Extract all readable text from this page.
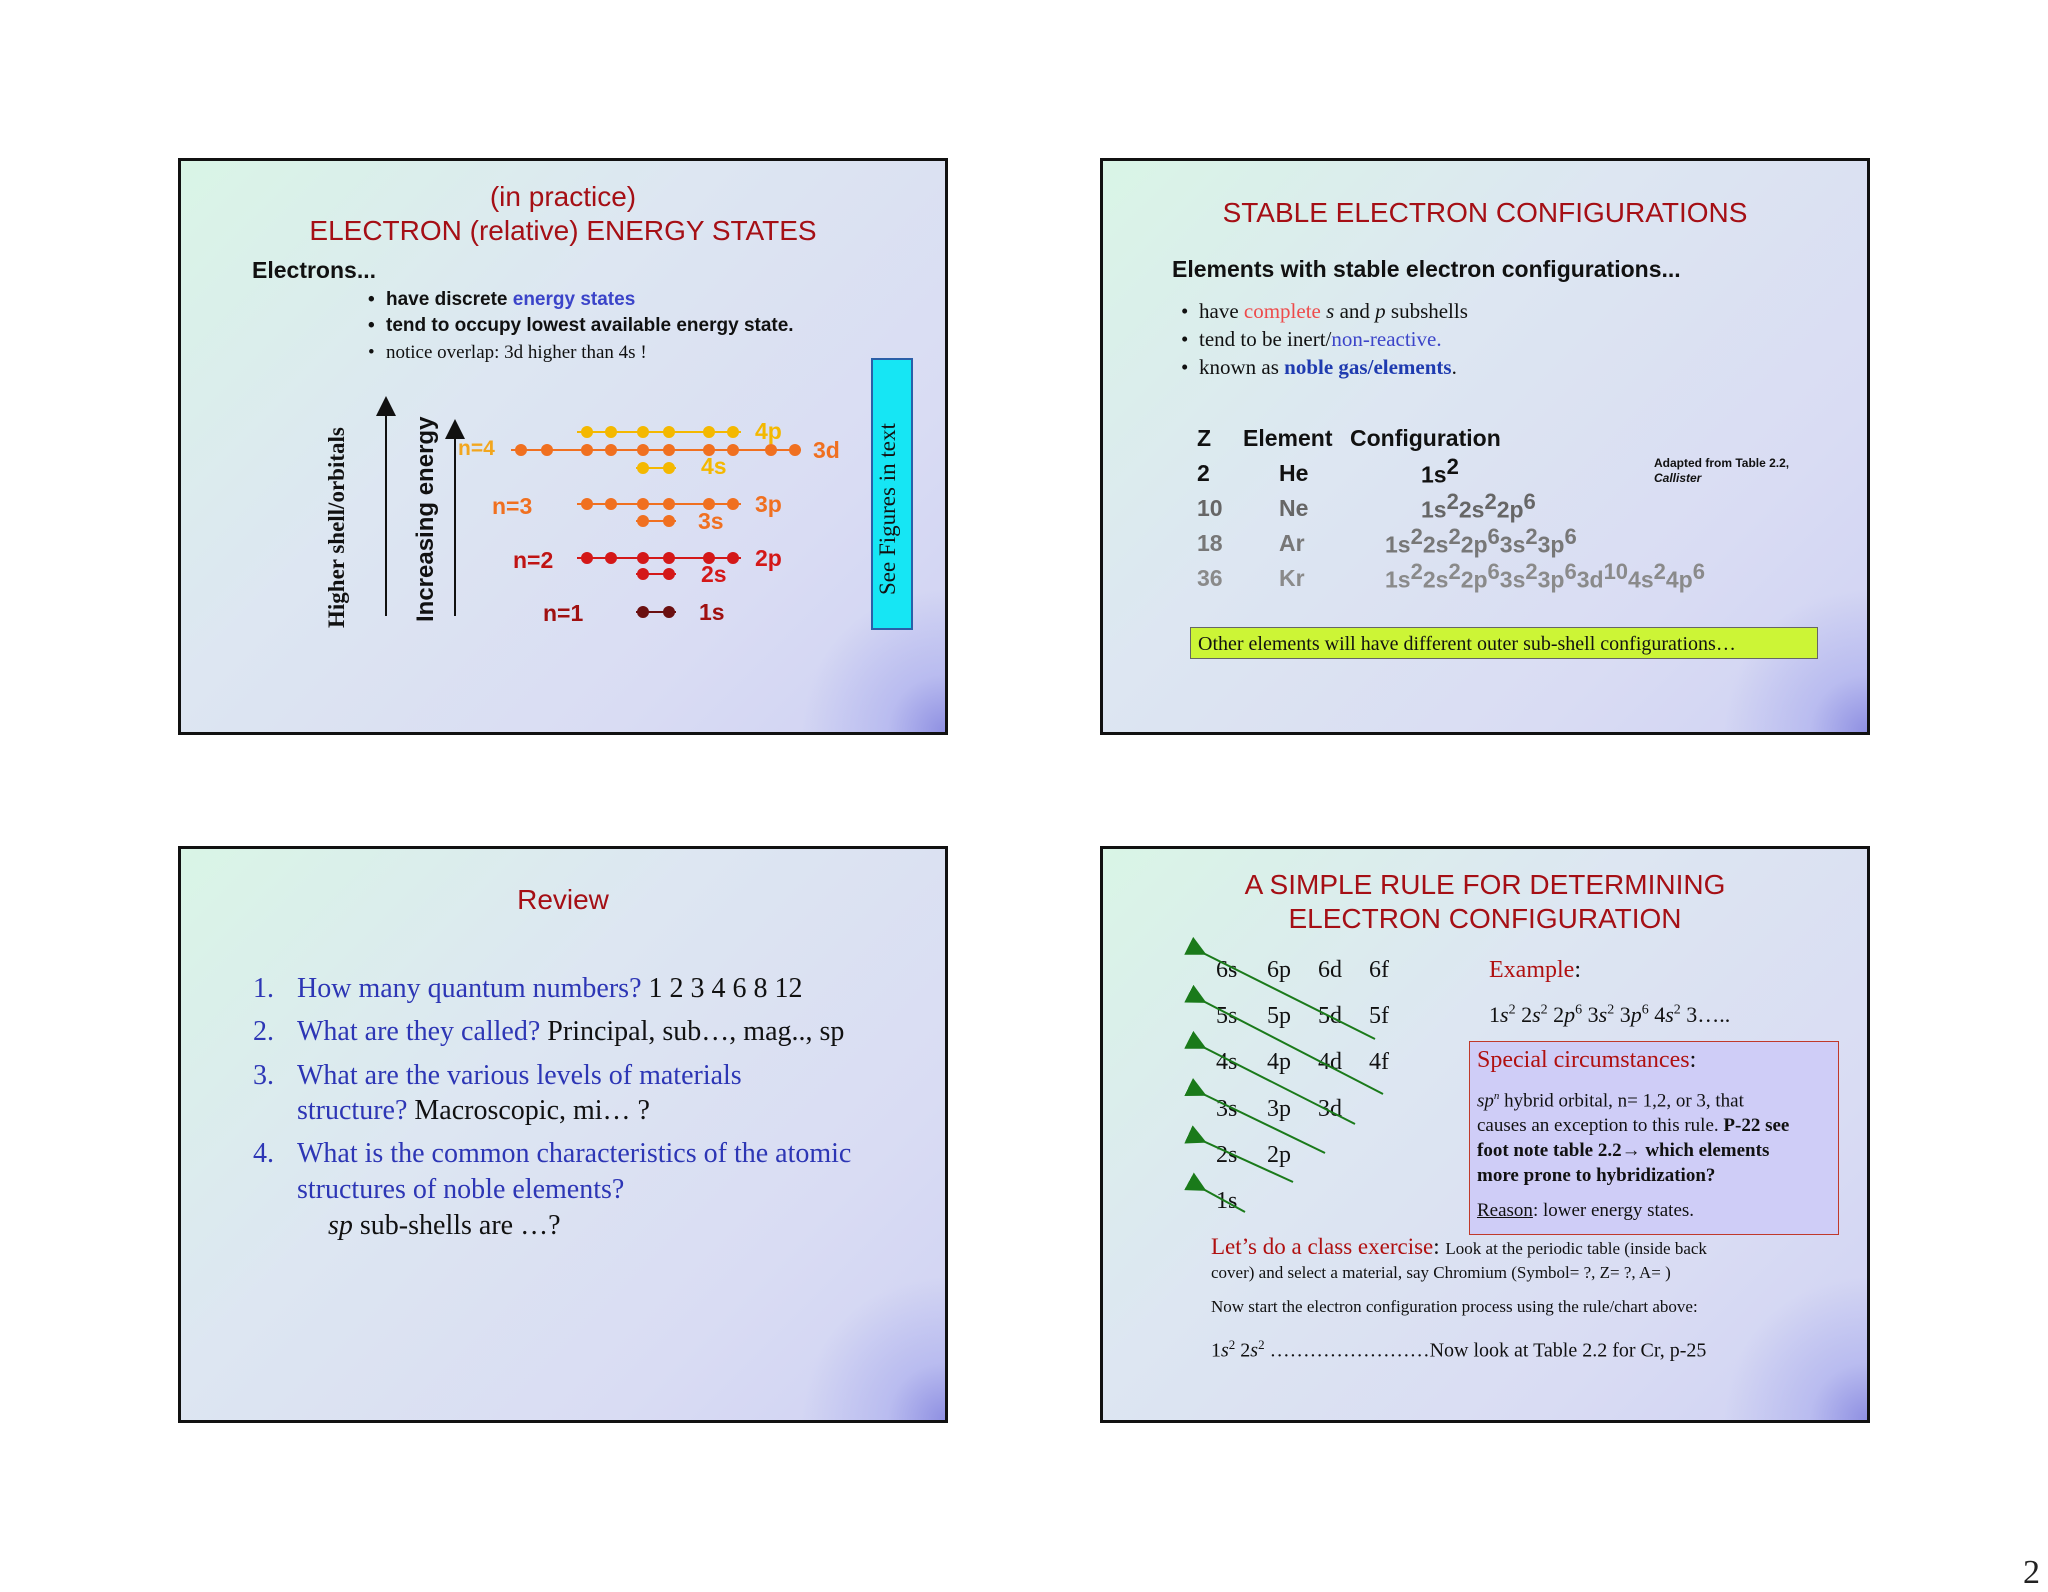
(in practice)
ELECTRON (relative) ENERGY STATES
Electrons...
• have discrete energy states
• tend to occupy lowest available energy state.
• notice overlap: 3d higher than 4s !
Higher shell/orbitals	Increasing energy n=4
n=3
n=2
n=1
4p
3d
4s
3p
3s
2p
2s
1s
See Figures in text
STABLE ELECTRON CONFIGURATIONS
Elements with stable electron configurations...
• have complete s and p subshells
• tend to be inert/non-reactive.
• known as noble gas/elements.
Z Element Configuration
2	He	$1s^2$
10 Ne	$1s^22s^22p^6$
18 Ar	$1s^22s^22p^63s^23p^6$
36 Kr	$1s^22s^22p^63s^23p^63d^{10}4s^24p^6$
Adapted from Table 2.2,
Callister
Other elements will have different outer sub-shell configurations…
Review
1. How many quantum numbers? 1 2 3 4 6 8 12
2. What are they called? Principal, sub…, mag.., sp
3. What are the various levels of materials
structure? Macroscopic, mi… ?
4. What is the common characteristics of the atomic
structures of noble elements?
sp sub-shells are …?
A SIMPLE RULE FOR DETERMINING
ELECTRON CONFIGURATION
6s 6p 6d 6f
5s 5p 5d 5f
4s 4p 4d 4f
3s 3p 3d
2s 2p
1s
Example:
$1s^2$ $2s^2$ $2p^6$ $3s^2$ $3p^6$ $4s^2$ 3…..
Special circumstances:
$sp^n$ hybrid orbital, n= 1,2, or 3, that
causes an exception to this rule. P-22 see
foot note table 2.2→ which elements
more prone to hybridization?
Reason: lower energy states.
Let’s do a class exercise: Look at the periodic table (inside back
cover) and select a material, say Chromium (Symbol= ?, Z= ?, A= )
Now start the electron configuration process using the rule/chart above:
$1s^2$ $2s^2$ ……………………Now look at Table 2.2 for Cr, p-25
2
